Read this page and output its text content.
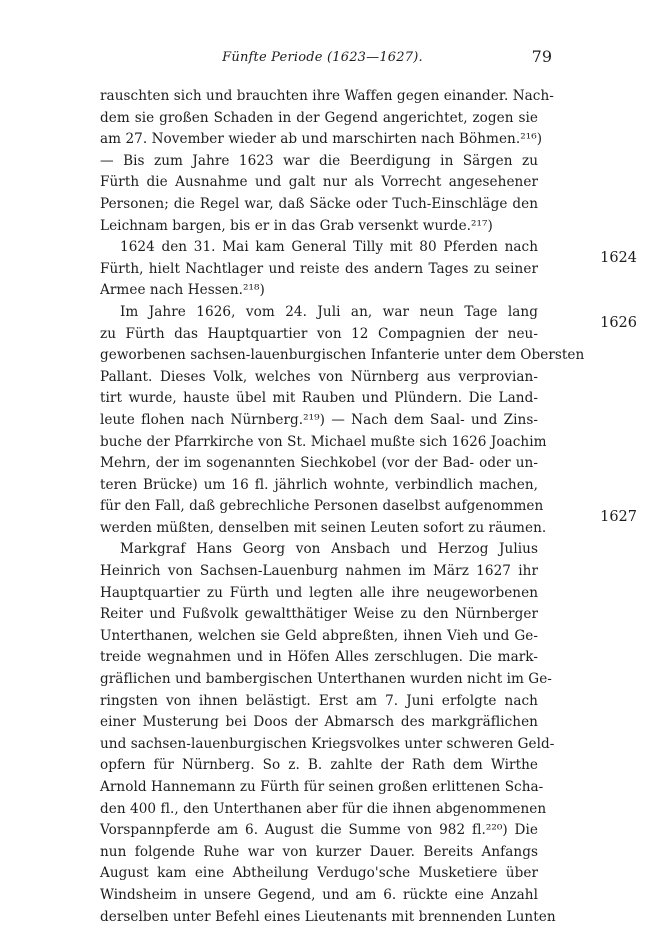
Fünfte Periode (1623—1627).	79
1624
1626
1627
rauschten sich und brauchten ihre Waffen gegen einander. Nach-
dem sie großen Schaden in der Gegend angerichtet, zogen sie
am 27. November wieder ab und marschirten nach Böhmen.²¹⁶)
— Bis zum Jahre 1623 war die Beerdigung in Särgen zu
Fürth die Ausnahme und galt nur als Vorrecht angesehener
Personen; die Regel war, daß Säcke oder Tuch-Einschläge den
Leichnam bargen, bis er in das Grab versenkt wurde.²¹⁷)
1624 den 31. Mai kam General Tilly mit 80 Pferden nach
Fürth, hielt Nachtlager und reiste des andern Tages zu seiner
Armee nach Hessen.²¹⁸)
Im Jahre 1626, vom 24. Juli an, war neun Tage lang
zu Fürth das Hauptquartier von 12 Compagnien der neu-
geworbenen sachsen-lauenburgischen Infanterie unter dem Obersten
Pallant. Dieses Volk, welches von Nürnberg aus verprovian-
tirt wurde, hauste übel mit Rauben und Plündern. Die Land-
leute flohen nach Nürnberg.²¹⁹) — Nach dem Saal- und Zins-
buche der Pfarrkirche von St. Michael mußte sich 1626 Joachim
Mehrn, der im sogenannten Siechkobel (vor der Bad- oder un-
teren Brücke) um 16 fl. jährlich wohnte, verbindlich machen,
für den Fall, daß gebrechliche Personen daselbst aufgenommen
werden müßten, denselben mit seinen Leuten sofort zu räumen.
Markgraf Hans Georg von Ansbach und Herzog Julius
Heinrich von Sachsen-Lauenburg nahmen im März 1627 ihr
Hauptquartier zu Fürth und legten alle ihre neugeworbenen
Reiter und Fußvolk gewaltthätiger Weise zu den Nürnberger
Unterthanen, welchen sie Geld abpreßten, ihnen Vieh und Ge-
treide wegnahmen und in Höfen Alles zerschlugen. Die mark-
gräflichen und bambergischen Unterthanen wurden nicht im Ge-
ringsten von ihnen belästigt. Erst am 7. Juni erfolgte nach
einer Musterung bei Doos der Abmarsch des markgräflichen
und sachsen-lauenburgischen Kriegsvolkes unter schweren Geld-
opfern für Nürnberg. So z. B. zahlte der Rath dem Wirthe
Arnold Hannemann zu Fürth für seinen großen erlittenen Scha-
den 400 fl., den Unterthanen aber für die ihnen abgenommenen
Vorspannpferde am 6. August die Summe von 982 fl.²²⁰) Die
nun folgende Ruhe war von kurzer Dauer. Bereits Anfangs
August kam eine Abtheilung Verdugo'sche Musketiere über
Windsheim in unsere Gegend, und am 6. rückte eine Anzahl
derselben unter Befehl eines Lieutenants mit brennenden Lunten
